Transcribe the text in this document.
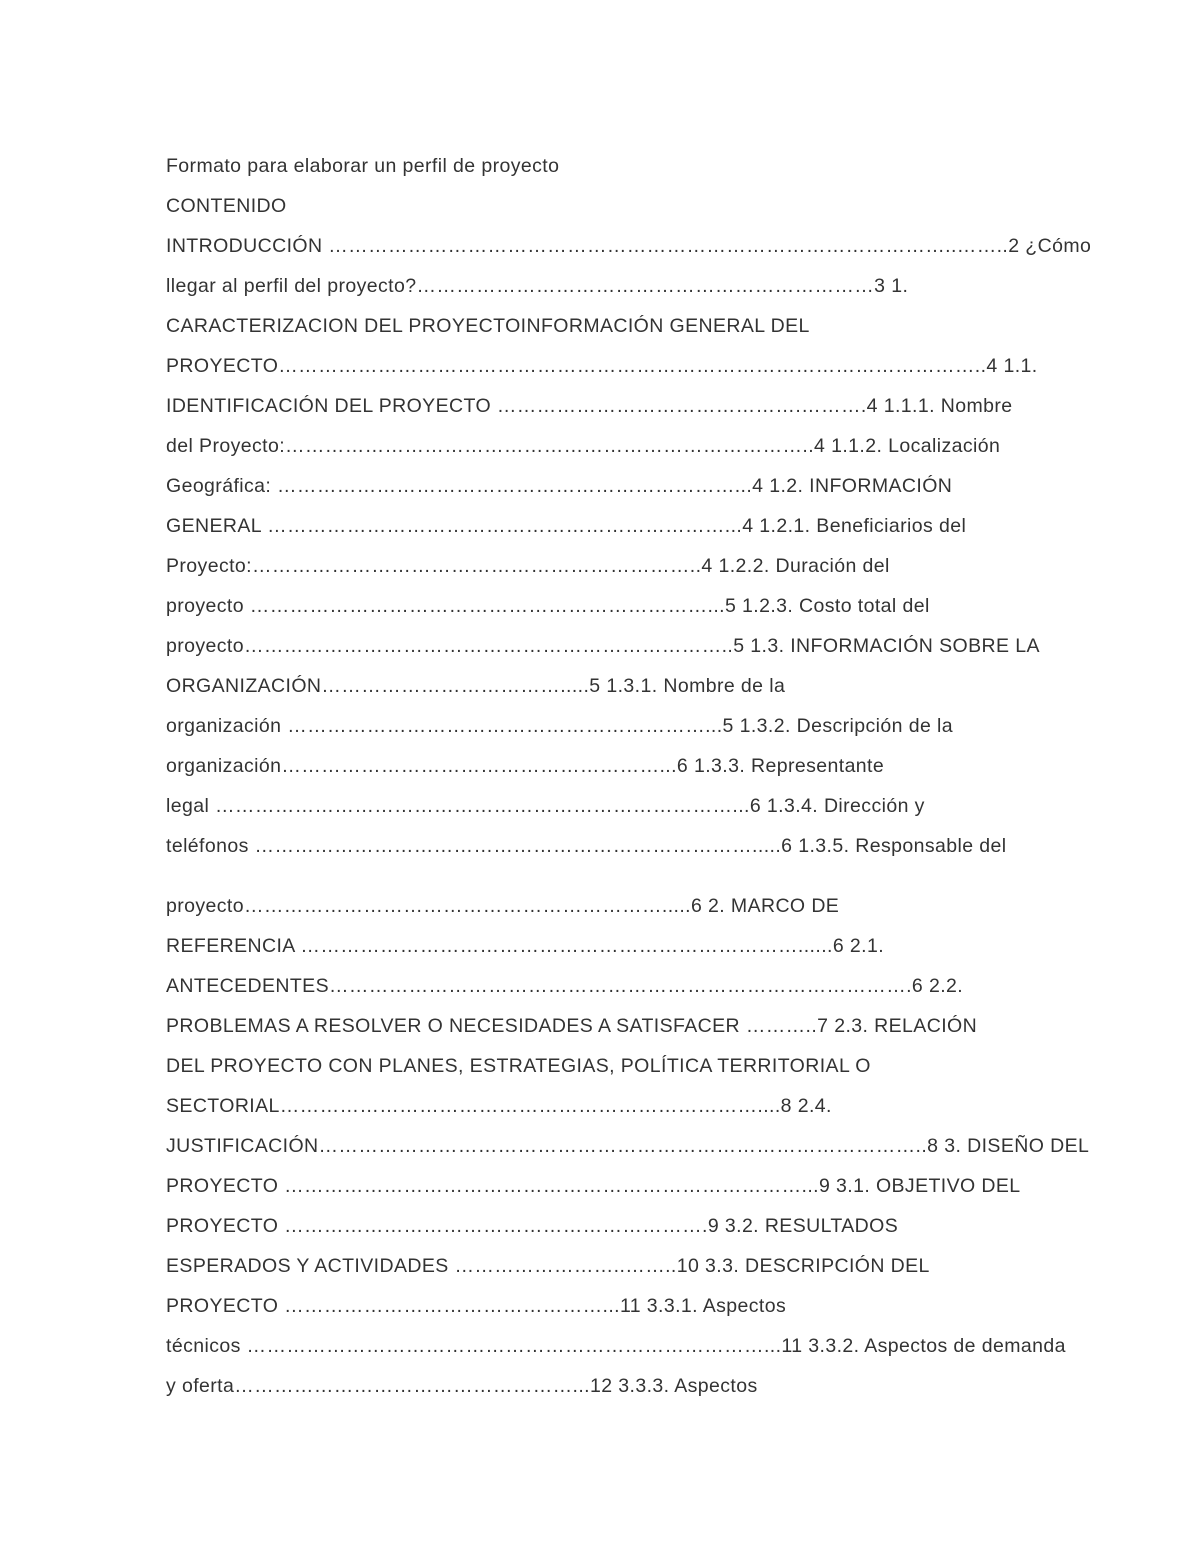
Formato para elaborar un perfil de proyecto
CONTENIDO
INTRODUCCIÓN …………………………………………………………………………………..……..2 ¿Cómo
llegar al perfil del proyecto?……………………………………………………………3 1.
CARACTERIZACION DEL PROYECTOINFORMACIÓN GENERAL DEL
PROYECTO……………………………………………………………………………………………..4 1.1.
IDENTIFICACIÓN DEL PROYECTO ……………………………………….……….4 1.1.1. Nombre
del Proyecto:……………………………………………………………………..4 1.1.2. Localización
Geográfica: ……………………………………………………………...4 1.2. INFORMACIÓN
GENERAL ……………………………………………………………...4 1.2.1. Beneficiarios del
Proyecto:…………………………………………………………..4 1.2.2. Duración del
proyecto ……………………………………………………………...5 1.2.3. Costo total del
proyecto………………………………………………………………..5 1.3. INFORMACIÓN SOBRE LA
ORGANIZACIÓN……………………………….....5 1.3.1. Nombre de la
organización ………………………………………………………...5 1.3.2. Descripción de la
organización…………………………………………………...6 1.3.3. Representante
legal ……………………………………………………………………...6 1.3.4. Dirección y
teléfonos ………………………………………………………………….....6 1.3.5. Responsable del
proyecto……………………………………………………….....6 2. MARCO DE
REFERENCIA …………………………………………………………………......6 2.1.
ANTECEDENTES…………………………………………………………………………….6 2.2.
PROBLEMAS A RESOLVER O NECESIDADES A SATISFACER ………..7 2.3. RELACIÓN
DEL PROYECTO CON PLANES, ESTRATEGIAS, POLÍTICA TERRITORIAL O
SECTORIAL………………………………………………………………....8 2.4.
JUSTIFICACIÓN………………………………………………………………………………..8 3. DISEÑO DEL
PROYECTO ……………………………………………………………………...9 3.1. OBJETIVO DEL
PROYECTO ……………………………………………………….9 3.2. RESULTADOS
ESPERADOS Y ACTIVIDADES ……………………..……..10 3.3. DESCRIPCIÓN DEL
PROYECTO …………………………………………...11 3.3.1. Aspectos
técnicos ……………………………………………………………………...11 3.3.2. Aspectos de demanda
y oferta……………………………………………...12 3.3.3. Aspectos
